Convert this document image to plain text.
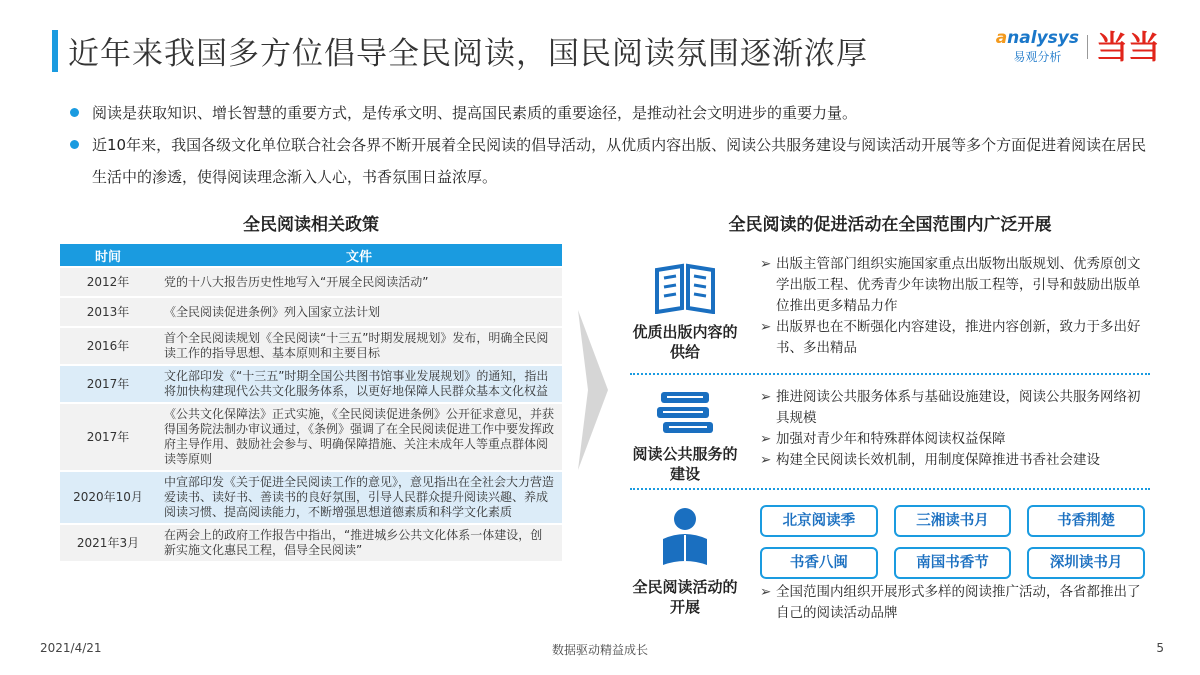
近年来我国多方位倡导全民阅读，国民阅读氛围逐渐浓厚	analysys
易观分析 当当
阅读是获取知识、增长智慧的重要方式，是传承文明、提高国民素质的重要途径，是推动社会文明进步的重要力量。
近10年来，我国各级文化单位联合社会各界不断开展着全民阅读的倡导活动，从优质内容出版、阅读公共服务建设与阅读活动开展等多个方面促进着阅读在居民生活中的渗透，使得阅读理念渐入人心，书香氛围日益浓厚。
全民阅读相关政策
时间	文件
2012年	党的十八大报告历史性地写入“开展全民阅读活动”
2013年	《全民阅读促进条例》列入国家立法计划
2016年	首个全民阅读规划《全民阅读“十三五”时期发展规划》发布，明确全民阅读工作的指导思想、基本原则和主要目标
2017年	文化部印发《“十三五”时期全国公共图书馆事业发展规划》的通知，指出将加快构建现代公共文化服务体系，以更好地保障人民群众基本文化权益
2017年	《公共文化保障法》正式实施，《全民阅读促进条例》公开征求意见，并获得国务院法制办审议通过，《条例》强调了在全民阅读促进工作中要发挥政府主导作用、鼓励社会参与、明确保障措施、关注未成年人等重点群体阅读等原则
2020年10月	中宣部印发《关于促进全民阅读工作的意见》，意见指出在全社会大力营造爱读书、读好书、善读书的良好氛围，引导人民群众提升阅读兴趣、养成阅读习惯、提高阅读能力，不断增强思想道德素质和科学文化素质
2021年3月	在两会上的政府工作报告中指出，“推进城乡公共文化体系一体建设，创新实施文化惠民工程，倡导全民阅读”
全民阅读的促进活动在全国范围内广泛开展
优质出版内容的供给
➢ 出版主管部门组织实施国家重点出版物出版规划、优秀原创文学出版工程、优秀青少年读物出版工程等，引导和鼓励出版单位推出更多精品力作
➢ 出版界也在不断强化内容建设，推进内容创新，致力于多出好书、多出精品
阅读公共服务的建设
➢ 推进阅读公共服务体系与基础设施建设，阅读公共服务网络初具规模
➢ 加强对青少年和特殊群体阅读权益保障
➢ 构建全民阅读长效机制，用制度保障推进书香社会建设
全民阅读活动的开展
北京阅读季	三湘读书月	书香荆楚
书香八闽	南国书香节	深圳读书月
➢ 全国范围内组织开展形式多样的阅读推广活动，各省都推出了自己的阅读活动品牌
2021/4/21	数据驱动精益成长	5
